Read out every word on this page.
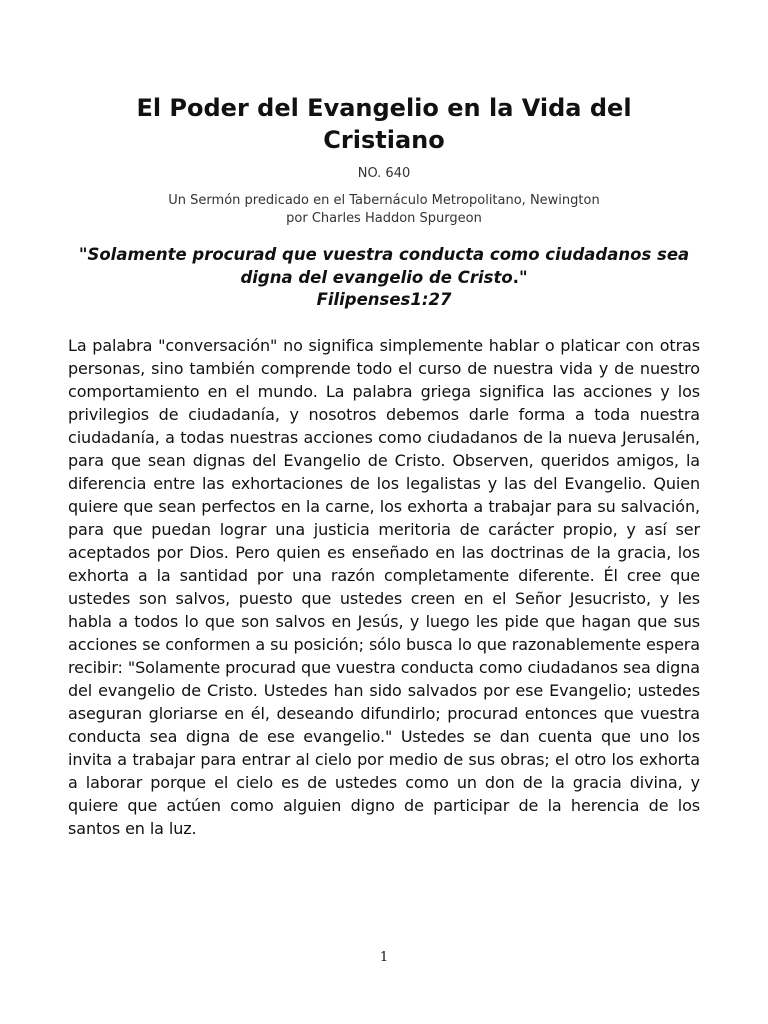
El Poder del Evangelio en la Vida del Cristiano
NO. 640
Un Sermón predicado en el Tabernáculo Metropolitano, Newington
por Charles Haddon Spurgeon
"Solamente procurad que vuestra conducta como ciudadanos sea digna del evangelio de Cristo."
Filipenses1:27

La palabra "conversación" no significa simplemente hablar o platicar con otras personas, sino también comprende todo el curso de nuestra vida y de nuestro comportamiento en el mundo. La palabra griega significa las acciones y los privilegios de ciudadanía, y nosotros debemos darle forma a toda nuestra ciudadanía, a todas nuestras acciones como ciudadanos de la nueva Jerusalén, para que sean dignas del Evangelio de Cristo. Observen, queridos amigos, la diferencia entre las exhortaciones de los legalistas y las del Evangelio. Quien quiere que sean perfectos en la carne, los exhorta a trabajar para su salvación, para que puedan lograr una justicia meritoria de carácter propio, y así ser aceptados por Dios. Pero quien es enseñado en las doctrinas de la gracia, los exhorta a la santidad por una razón completamente diferente. Él cree que ustedes son salvos, puesto que ustedes creen en el Señor Jesucristo, y les habla a todos lo que son salvos en Jesús, y luego les pide que hagan que sus acciones se conformen a su posición; sólo busca lo que razonablemente espera recibir: "Solamente procurad que vuestra conducta como ciudadanos sea digna del evangelio de Cristo. Ustedes han sido salvados por ese Evangelio; ustedes aseguran gloriarse en él, deseando difundirlo; procurad entonces que vuestra conducta sea digna de ese evangelio." Ustedes se dan cuenta que uno los invita a trabajar para entrar al cielo por medio de sus obras; el otro los exhorta a laborar porque el cielo es de ustedes como un don de la gracia divina, y quiere que actúen como alguien digno de participar de la herencia de los santos en la luz.

1
